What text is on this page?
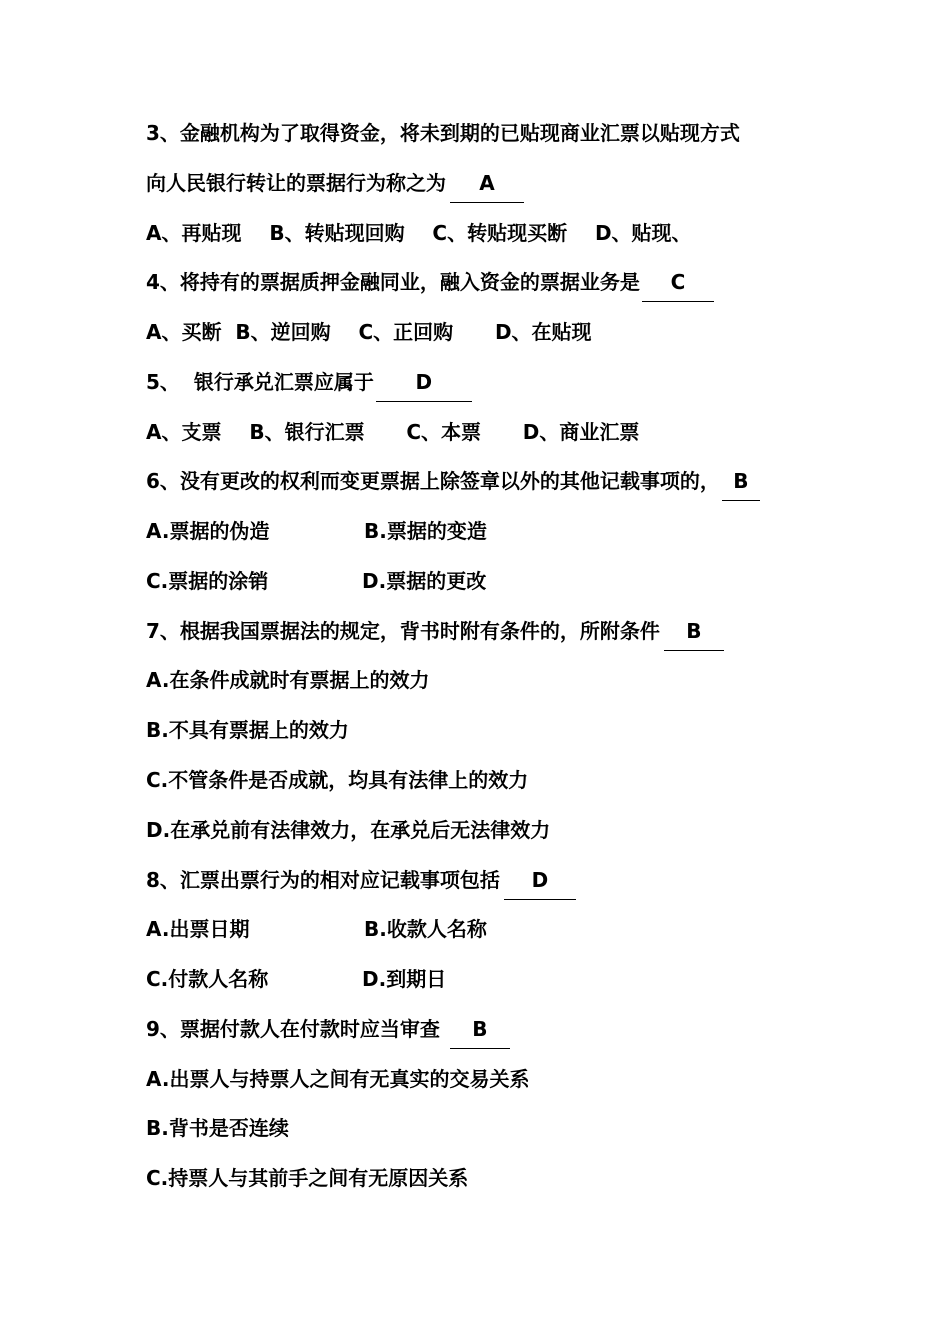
3、金融机构为了取得资金，将未到期的已贴现商业汇票以贴现方式
向人民银行转让的票据行为称之为 A
A、再贴现    B、转贴现回购    C、转贴现买断    D、贴现、
4、将持有的票据质押金融同业，融入资金的票据业务是 C
A、买断  B、逆回购    C、正回购      D、在贴现
5、  银行承兑汇票应属于 D
A、支票    B、银行汇票      C、本票      D、商业汇票
6、没有更改的权利而变更票据上除签章以外的其他记载事项的， B
A.票据的伪造	B.票据的变造
C.票据的涂销	D.票据的更改
7、根据我国票据法的规定，背书时附有条件的，所附条件 B
A.在条件成就时有票据上的效力
B.不具有票据上的效力
C.不管条件是否成就，均具有法律上的效力
D.在承兑前有法律效力，在承兑后无法律效力
8、汇票出票行为的相对应记载事项包括 D
A.出票日期	B.收款人名称
C.付款人名称	D.到期日
9、票据付款人在付款时应当审查 B
A.出票人与持票人之间有无真实的交易关系
B.背书是否连续
C.持票人与其前手之间有无原因关系
